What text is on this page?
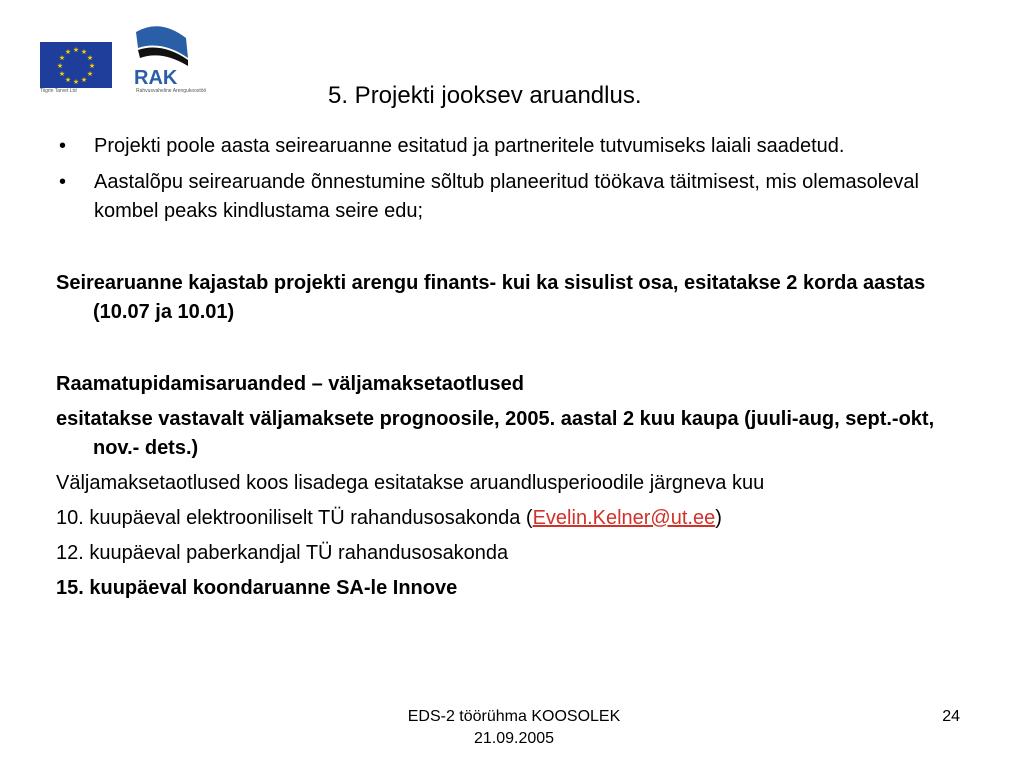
★ ★
★
★
★
★
★
★
★
★
★
★
Tiigrin Tarvet Ltd
RAK
Rahvusvaheline Arengukoostöö	5. Projekti jooksev aruandlus.
• Projekti poole aasta seirearuanne esitatud ja partneritele tutvumiseks laiali saadetud.
• Aastalõpu seirearuande õnnestumine sõltub planeeritud töökava täitmisest, mis olemasoleval kombel peaks kindlustama seire edu;

Seirearuanne kajastab projekti arengu finants- kui ka sisulist osa, esitatakse 2 korda aastas (10.07 ja 10.01)

Raamatupidamisaruanded – väljamaksetaotlused

esitatakse vastavalt väljamaksete prognoosile, 2005. aastal 2 kuu kaupa (juuli-aug, sept.-okt, nov.- dets.)

Väljamaksetaotlused koos lisadega esitatakse aruandlusperioodile järgneva kuu

10. kuupäeval elektrooniliselt TÜ rahandusosakonda (Evelin.Kelner@ut.ee)

12. kuupäeval paberkandjal TÜ rahandusosakonda

15. kuupäeval koondaruanne SA-le Innove

EDS-2 töörühma KOOSOLEK
21.09.2005
24
